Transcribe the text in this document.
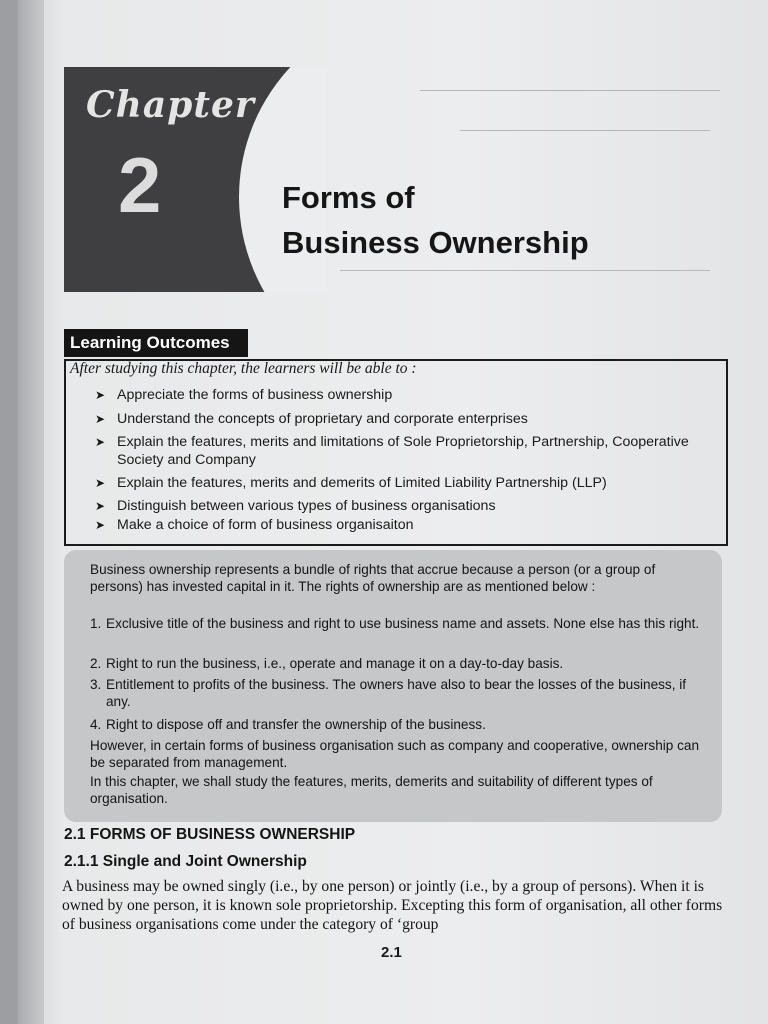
Chapter
2	Forms of
Business Ownership
Learning Outcomes
After studying this chapter, the learners will be able to :
➤ Appreciate the forms of business ownership
➤ Understand the concepts of proprietary and corporate enterprises
➤ Explain the features, merits and limitations of Sole Proprietorship, Partnership, Cooperative Society and Company
➤ Explain the features, merits and demerits of Limited Liability Partnership (LLP)
➤ Distinguish between various types of business organisations
➤ Make a choice of form of business organisaiton
Business ownership represents a bundle of rights that accrue because a person (or a group of persons) has invested capital in it. The rights of ownership are as mentioned below :
1. Exclusive title of the business and right to use business name and assets. None else has this right.
2. Right to run the business, i.e., operate and manage it on a day-to-day basis.
3. Entitlement to profits of the business. The owners have also to bear the losses of the business, if any.
4. Right to dispose off and transfer the ownership of the business.
However, in certain forms of business organisation such as company and cooperative, ownership can be separated from management.
In this chapter, we shall study the features, merits, demerits and suitability of different types of organisation.
2.1 FORMS OF BUSINESS OWNERSHIP
2.1.1 Single and Joint Ownership
A business may be owned singly (i.e., by one person) or jointly (i.e., by a group of persons). When it is owned by one person, it is known sole proprietorship. Excepting this form of organisation, all other forms of business organisations come under the category of ‘group
2.1
